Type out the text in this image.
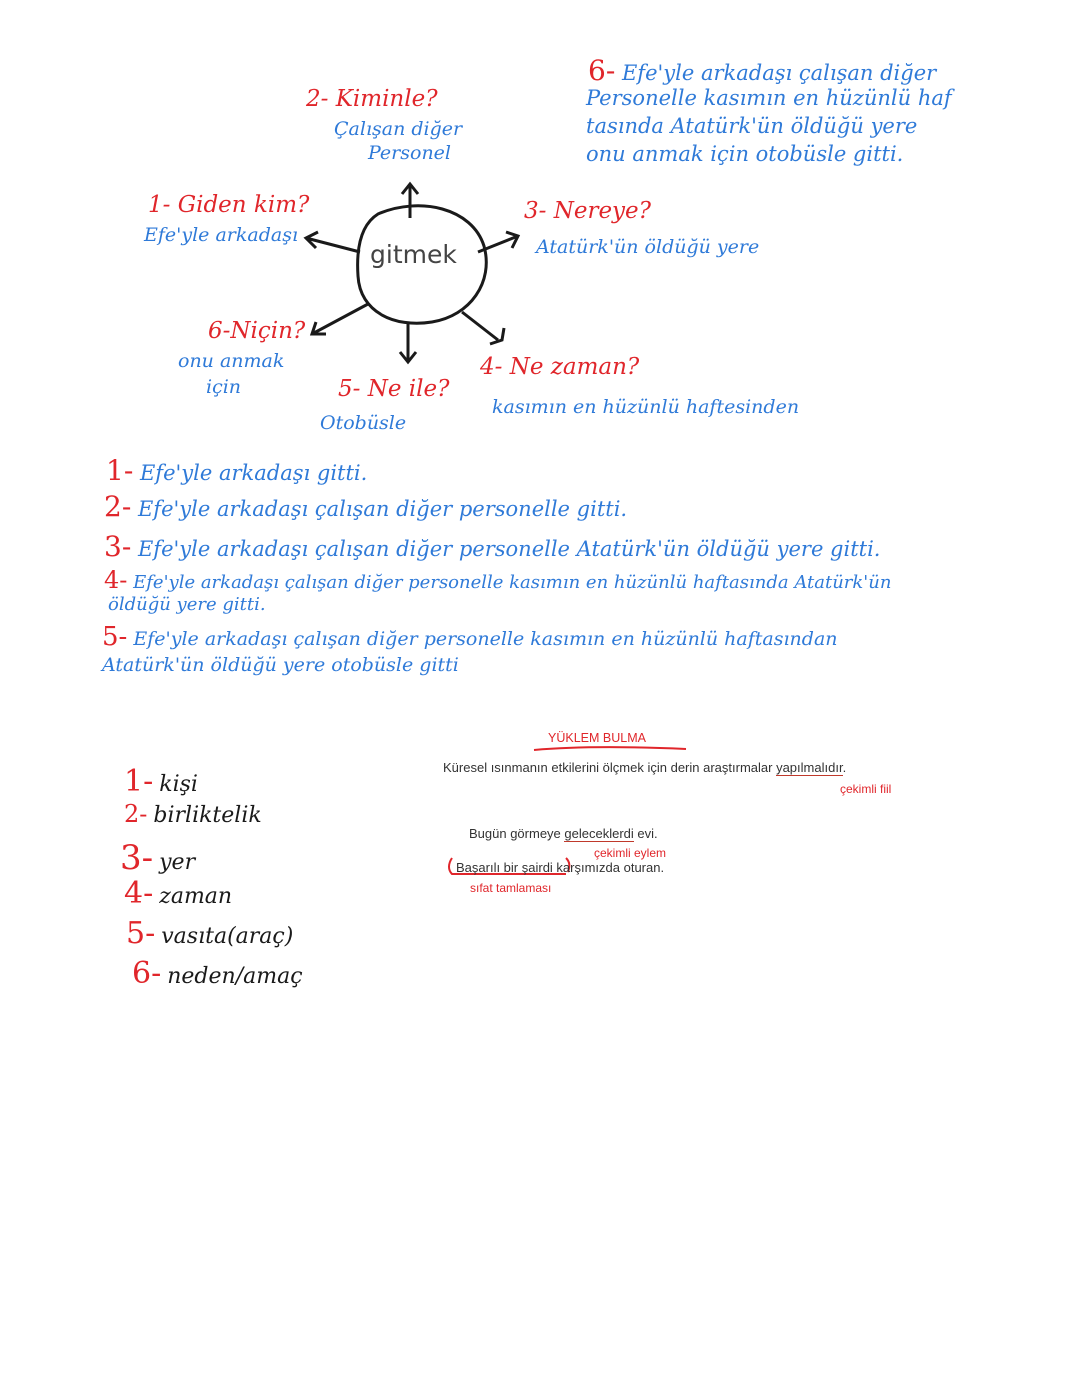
gitmek
2- Kiminle?
Çalışan diğer
Personel
1- Giden kim?
Efe'yle arkadaşı
3- Nereye?
Atatürk'ün öldüğü yere
6-Niçin?
onu anmak
için
4- Ne zaman?
kasımın en hüzünlü haftesinden
5- Ne ile?
Otobüsle
6- Efe'yle arkadaşı çalışan diğer
Personelle kasımın en hüzünlü haf
tasında Atatürk'ün öldüğü yere
onu anmak için otobüsle gitti.
1- Efe'yle arkadaşı gitti.
2- Efe'yle arkadaşı çalışan diğer personelle gitti.
3- Efe'yle arkadaşı çalışan diğer personelle Atatürk'ün öldüğü yere gitti.
4- Efe'yle arkadaşı çalışan diğer personelle kasımın en hüzünlü haftasında Atatürk'ün
öldüğü yere gitti.
5- Efe'yle arkadaşı çalışan diğer personelle kasımın en hüzünlü haftasından
Atatürk'ün öldüğü yere otobüsle gitti
YÜKLEM BULMA
Küresel ısınmanın etkilerini ölçmek için derin araştırmalar yapılmalıdır.
çekimli fiil
Bugün görmeye geleceklerdi evi.
çekimli eylem
Başarılı bir şairdi karşımızda oturan.
sıfat tamlaması
1- kişi
2- birliktelik
3- yer
4- zaman
5- vasıta(araç)
6- neden/amaç
